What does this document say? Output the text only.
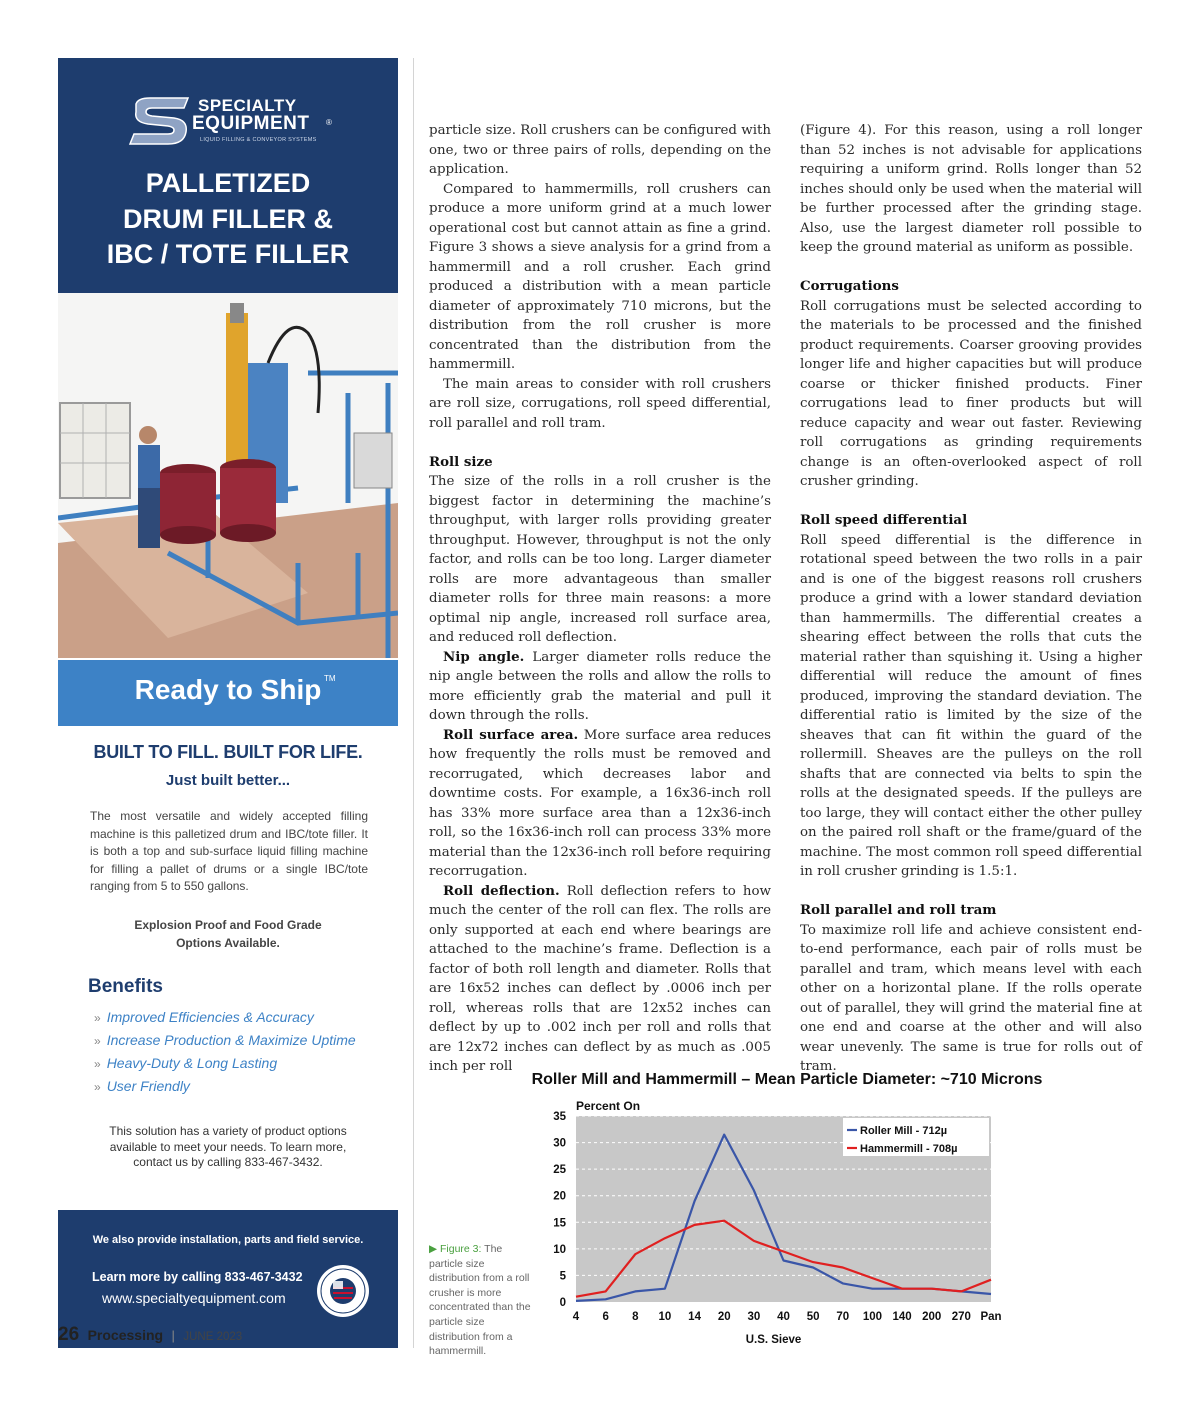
SPECIALTY
EQUIPMENT ®
LIQUID FILLING & CONVEYOR SYSTEMS
PALLETIZED
DRUM FILLER &
IBC / TOTE FILLER
Ready to Ship TM
BUILT TO FILL. BUILT FOR LIFE.
Just built better...

The most versatile and widely accepted filling machine is this palletized drum and IBC/tote filler. It is both a top and sub-surface liquid filling machine for filling a pallet of drums or a single IBC/tote ranging from 5 to 550 gallons.

Explosion Proof and Food Grade
Options Available.
Benefits
» Improved Efficiencies & Accuracy
» Increase Production & Maximize Uptime
» Heavy-Duty & Long Lasting
» User Friendly

This solution has a variety of product options available to meet your needs. To learn more, contact us by calling 833-467-3432.

We also provide installation, parts and field service.
Learn more by calling 833-467-3432
www.specialtyequipment.com

particle size. Roll crushers can be configured with one, two or three pairs of rolls, depending on the application.

Compared to hammermills, roll crushers can produce a more uniform grind at a much lower operational cost but cannot attain as fine a grind. Figure 3 shows a sieve analysis for a grind from a hammermill and a roll crusher. Each grind produced a distribution with a mean particle diameter of approximately 710 microns, but the distribution from the roll crusher is more concentrated than the distribution from the hammermill.

The main areas to consider with roll crushers are roll size, corrugations, roll speed differential, roll parallel and roll tram.

Roll size

The size of the rolls in a roll crusher is the biggest factor in determining the machine’s throughput, with larger rolls providing greater throughput. However, throughput is not the only factor, and rolls can be too long. Larger diameter rolls are more advantageous than smaller diameter rolls for three main reasons: a more optimal nip angle, increased roll surface area, and reduced roll deflection.

Nip angle. Larger diameter rolls reduce the nip angle between the rolls and allow the rolls to more efficiently grab the material and pull it down through the rolls.

Roll surface area. More surface area reduces how frequently the rolls must be removed and recorrugated, which decreases labor and downtime costs. For example, a 16x36-inch roll has 33% more surface area than a 12x36-inch roll, so the 16x36-inch roll can process 33% more material than the 12x36-inch roll before requiring recorrugation.

Roll deflection. Roll deflection refers to how much the center of the roll can flex. The rolls are only supported at each end where bearings are attached to the machine’s frame. Deflection is a factor of both roll length and diameter. Rolls that are 16x52 inches can deflect by .0006 inch per roll, whereas rolls that are 12x52 inches can deflect by up to .002 inch per roll and rolls that are 12x72 inches can deflect by as much as .005 inch per roll

(Figure 4). For this reason, using a roll longer than 52 inches is not advisable for applications requiring a uniform grind. Rolls longer than 52 inches should only be used when the material will be further processed after the grinding stage. Also, use the largest diameter roll possible to keep the ground material as uniform as possible.

Corrugations

Roll corrugations must be selected according to the materials to be processed and the finished product requirements. Coarser grooving provides longer life and higher capacities but will produce coarse or thicker finished products. Finer corrugations lead to finer products but will reduce capacity and wear out faster. Reviewing roll corrugations as grinding requirements change is an often-overlooked aspect of roll crusher grinding.

Roll speed differential

Roll speed differential is the difference in rotational speed between the two rolls in a pair and is one of the biggest reasons roll crushers produce a grind with a lower standard deviation than hammermills. The differential creates a shearing effect between the rolls that cuts the material rather than squishing it. Using a higher differential will reduce the amount of fines produced, improving the standard deviation. The differential ratio is limited by the size of the sheaves that can fit within the guard of the rollermill. Sheaves are the pulleys on the roll shafts that are connected via belts to spin the rolls at the designated speeds. If the pulleys are too large, they will contact either the other pulley on the paired roll shaft or the frame/guard of the machine. The most common roll speed differential in roll crusher grinding is 1.5:1.

Roll parallel and roll tram

To maximize roll life and achieve consistent end-to-end performance, each pair of rolls must be parallel and tram, which means level with each other on a horizontal plane. If the rolls operate out of parallel, they will grind the material fine at one end and coarse at the other and will also wear unevenly. The same is true for rolls out of tram.

▶ Figure 3: The particle size distribution from a roll crusher is more concentrated than the particle size distribution from a hammermill.
Roller Mill and Hammermill – Mean Particle Diameter: ~710 Microns
Percent On
0
5
10
15
20
25
30
35
4 6 8 10 14 20 30 40 50 70 100 140 200 270 Pan
U.S. Sieve
Roller Mill - 712µ
Hammermill - 708µ
26 Processing | JUNE 2023
